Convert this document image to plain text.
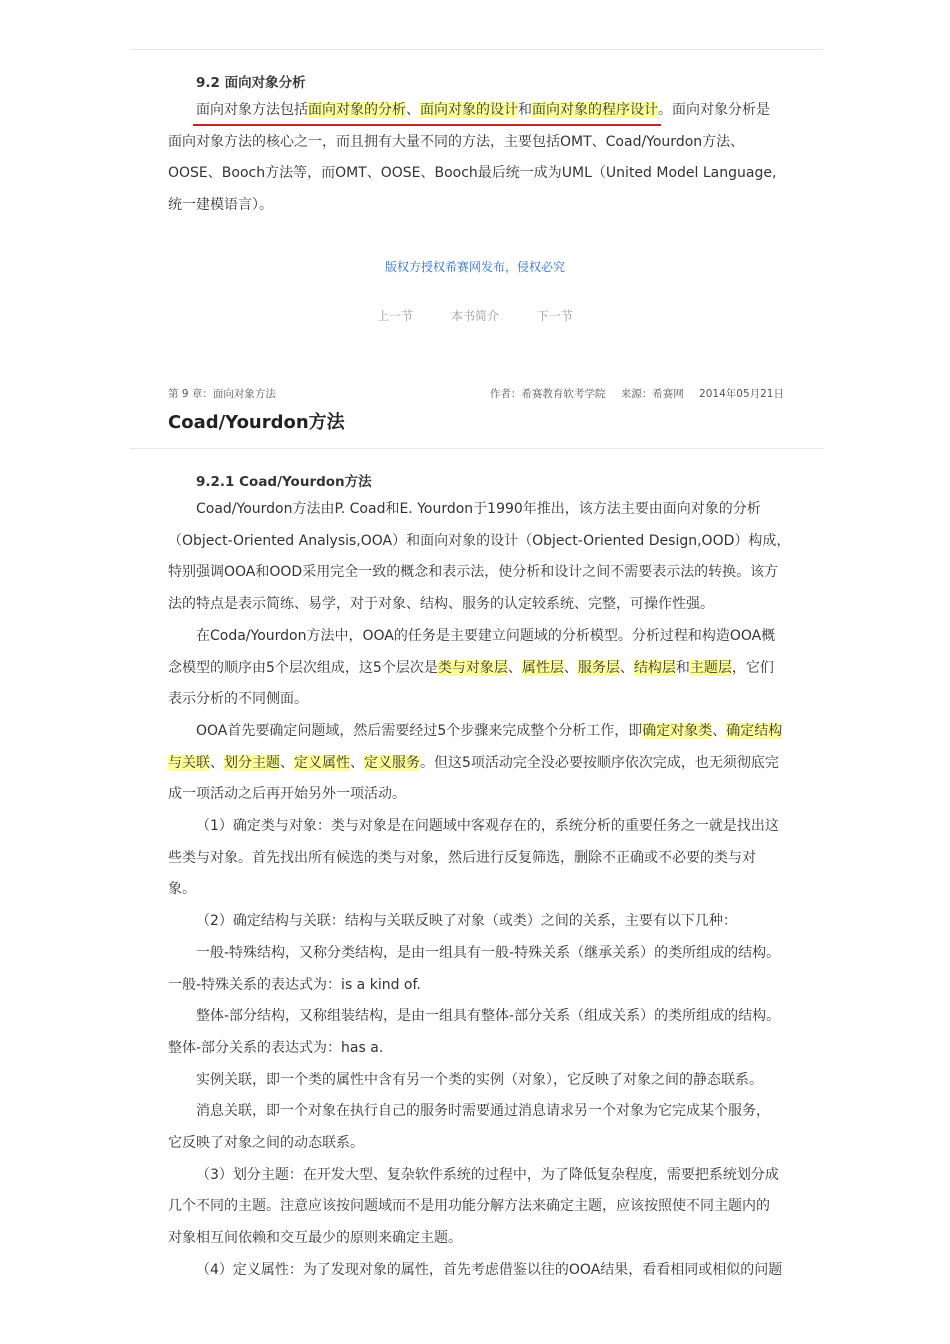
9.2 面向对象分析
面向对象方法包括面向对象的分析、面向对象的设计和面向对象的程序设计。面向对象分析是
面向对象方法的核心之一，而且拥有大量不同的方法，主要包括OMT、Coad/Yourdon方法、
OOSE、Booch方法等，而OMT、OOSE、Booch最后统一成为UML（United Model Language,
统一建模语言）。
版权方授权希赛网发布，侵权必究
上一节	本书简介	下一节
第 9 章：面向对象方法	作者：希赛教育软考学院 来源：希赛网 2014年05月21日
Coad/Yourdon方法
9.2.1 Coad/Yourdon方法
Coad/Yourdon方法由P. Coad和E. Yourdon于1990年推出，该方法主要由面向对象的分析
（Object-Oriented Analysis,OOA）和面向对象的设计（Object-Oriented Design,OOD）构成，
特别强调OOA和OOD采用完全一致的概念和表示法，使分析和设计之间不需要表示法的转换。该方
法的特点是表示简练、易学，对于对象、结构、服务的认定较系统、完整，可操作性强。
在Coda/Yourdon方法中，OOA的任务是主要建立问题域的分析模型。分析过程和构造OOA概
念模型的顺序由5个层次组成，这5个层次是类与对象层、属性层、服务层、结构层和主题层，它们
表示分析的不同侧面。
OOA首先要确定问题域，然后需要经过5个步骤来完成整个分析工作，即确定对象类、确定结构
与关联、划分主题、定义属性、定义服务。但这5项活动完全没必要按顺序依次完成，也无须彻底完
成一项活动之后再开始另外一项活动。
（1）确定类与对象：类与对象是在问题域中客观存在的，系统分析的重要任务之一就是找出这
些类与对象。首先找出所有候选的类与对象，然后进行反复筛选，删除不正确或不必要的类与对
象。
（2）确定结构与关联：结构与关联反映了对象（或类）之间的关系，主要有以下几种：
一般-特殊结构，又称分类结构，是由一组具有一般-特殊关系（继承关系）的类所组成的结构。
一般-特殊关系的表达式为：is a kind of.
整体-部分结构，又称组装结构，是由一组具有整体-部分关系（组成关系）的类所组成的结构。
整体-部分关系的表达式为：has a.
实例关联，即一个类的属性中含有另一个类的实例（对象），它反映了对象之间的静态联系。
消息关联，即一个对象在执行自己的服务时需要通过消息请求另一个对象为它完成某个服务，
它反映了对象之间的动态联系。
（3）划分主题：在开发大型、复杂软件系统的过程中，为了降低复杂程度，需要把系统划分成
几个不同的主题。注意应该按问题域而不是用功能分解方法来确定主题，应该按照使不同主题内的
对象相互间依赖和交互最少的原则来确定主题。
（4）定义属性：为了发现对象的属性，首先考虑借鉴以往的OOA结果，看看相同或相似的问题
